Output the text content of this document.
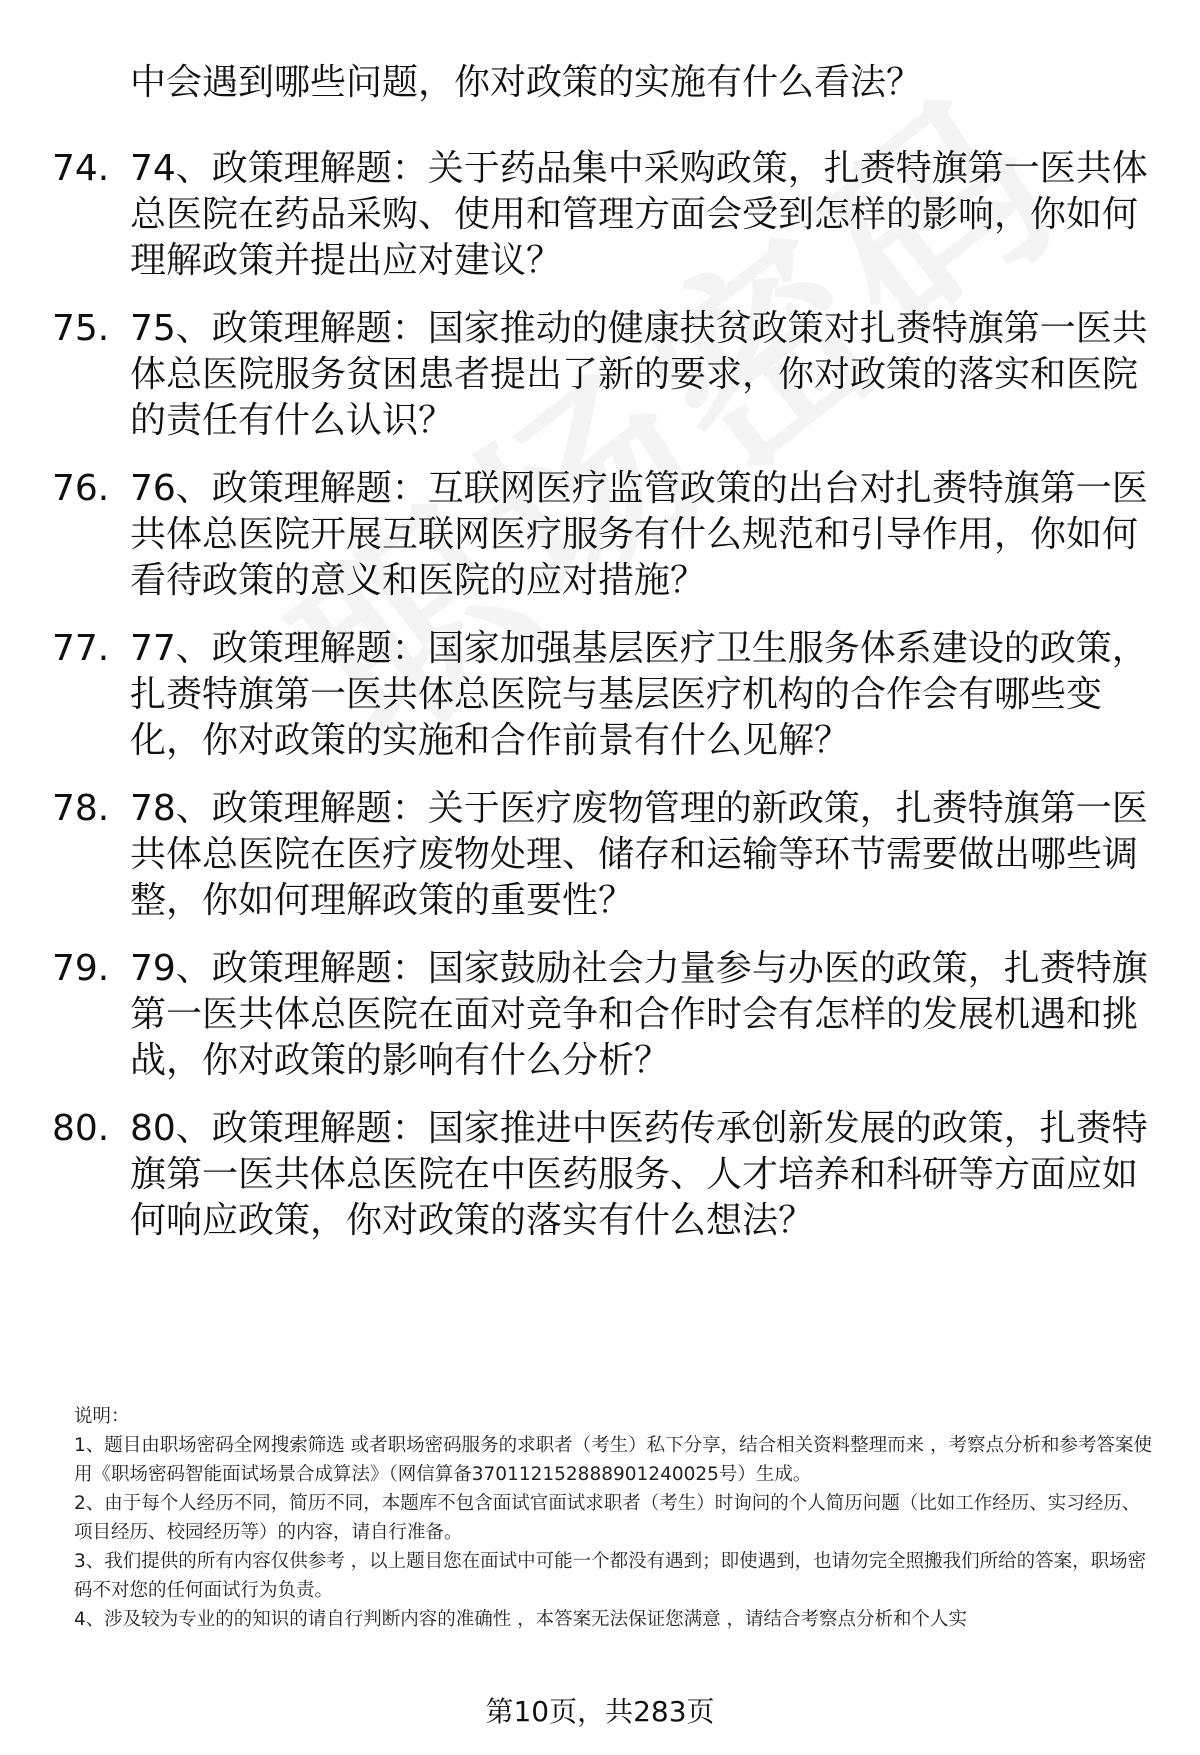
中会遇到哪些问题，你对政策的实施有什么看法？
74. 74、政策理解题：关于药品集中采购政策，扎赉特旗第一医共体总医院在药品采购、使用和管理方面会受到怎样的影响，你如何理解政策并提出应对建议？
75. 75、政策理解题：国家推动的健康扶贫政策对扎赉特旗第一医共体总医院服务贫困患者提出了新的要求，你对政策的落实和医院的责任有什么认识？
76. 76、政策理解题：互联网医疗监管政策的出台对扎赉特旗第一医共体总医院开展互联网医疗服务有什么规范和引导作用，你如何看待政策的意义和医院的应对措施？
77. 77、政策理解题：国家加强基层医疗卫生服务体系建设的政策，扎赉特旗第一医共体总医院与基层医疗机构的合作会有哪些变化，你对政策的实施和合作前景有什么见解？
78. 78、政策理解题：关于医疗废物管理的新政策，扎赉特旗第一医共体总医院在医疗废物处理、储存和运输等环节需要做出哪些调整，你如何理解政策的重要性？
79. 79、政策理解题：国家鼓励社会力量参与办医的政策，扎赉特旗第一医共体总医院在面对竞争和合作时会有怎样的发展机遇和挑战，你对政策的影响有什么分析？
80. 80、政策理解题：国家推进中医药传承创新发展的政策，扎赉特旗第一医共体总医院在中医药服务、人才培养和科研等方面应如何响应政策，你对政策的落实有什么想法？

说明：

1、题目由职场密码全网搜索筛选 或者职场密码服务的求职者（考生）私下分享，结合相关资料整理而来 ，考察点分析和参考答案使用《职场密码智能面试场景合成算法》（网信算备370112152888901240025号）生成。

2、由于每个人经历不同，简历不同，本题库不包含面试官面试求职者（考生）时询问的个人简历问题（比如工作经历、实习经历、项目经历、校园经历等）的内容，请自行准备。

3、我们提供的所有内容仅供参考 ，以上题目您在面试中可能一个都没有遇到；即使遇到，也请勿完全照搬我们所给的答案，职场密码不对您的任何面试行为负责。

4、涉及较为专业的的知识的请自行判断内容的准确性 ，本答案无法保证您满意 ，请结合考察点分析和个人实

第10页，共283页
